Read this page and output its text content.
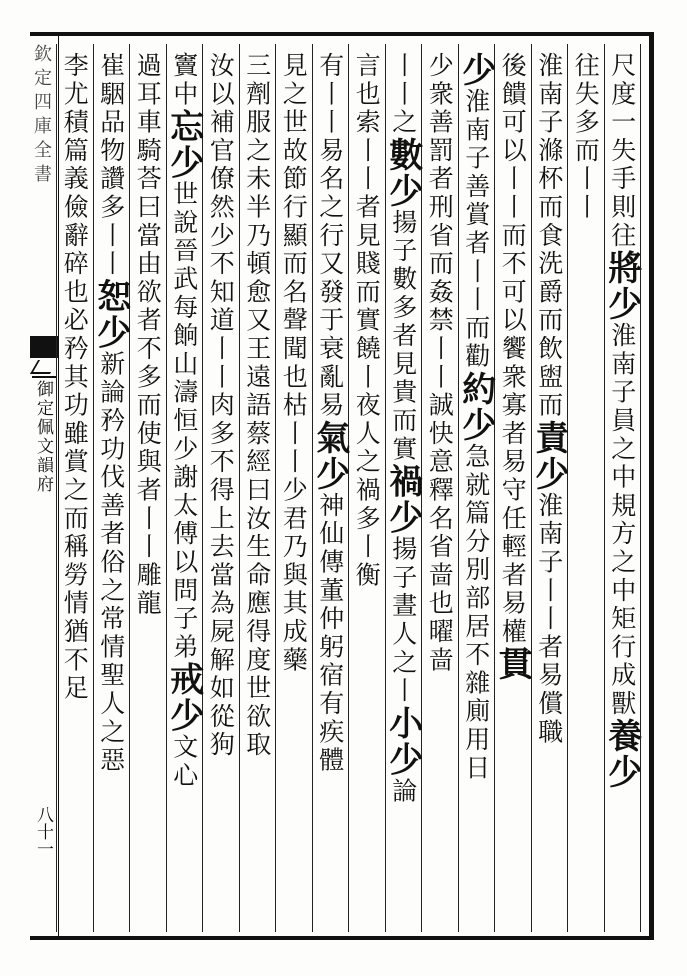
欽定四庫全書
御定佩文韻府
八十一
尺度一失手則往將少淮南子員之中規方之中矩行成獸養少
往失多而丨丨
淮南子滌杯而食洗爵而飲盥而責少淮南子丨丨者易償職
後饋可以丨丨而不可以饗衆寡者易守任輕者易權貫
少淮南子善賞者丨丨而勸約少急就篇分別部居不雜廁用日
少衆善罰者刑省而姦禁丨丨誠快意釋名省啬也曜啬
丨丨之數少揚子數多者見貴而實禍少揚子晝人之丨小少論
言也索丨丨者見賤而實饒丨夜人之禍多丨衡
有丨丨易名之行又發于衰亂易氣少神仙傳董仲躬宿有疾體
見之世故節行顯而名聲聞也枯丨丨少君乃與其成藥
三劑服之未半乃頓愈又王遠語蔡經曰汝生命應得度世欲取
汝以補官僚然少不知道丨丨肉多不得上去當為屍解如從狗
竇中忘少世說晉武每餉山濤恒少謝太傅以問子弟戒少文心
過耳車騎荅曰當由欲者不多而使與者丨丨雕龍
崔駰品物讚多丨丨恕少新論矜功伐善者俗之常情聖人之惡
李尤積篇義儉辭碎也必矜其功雖賞之而稱勞情猶不足
